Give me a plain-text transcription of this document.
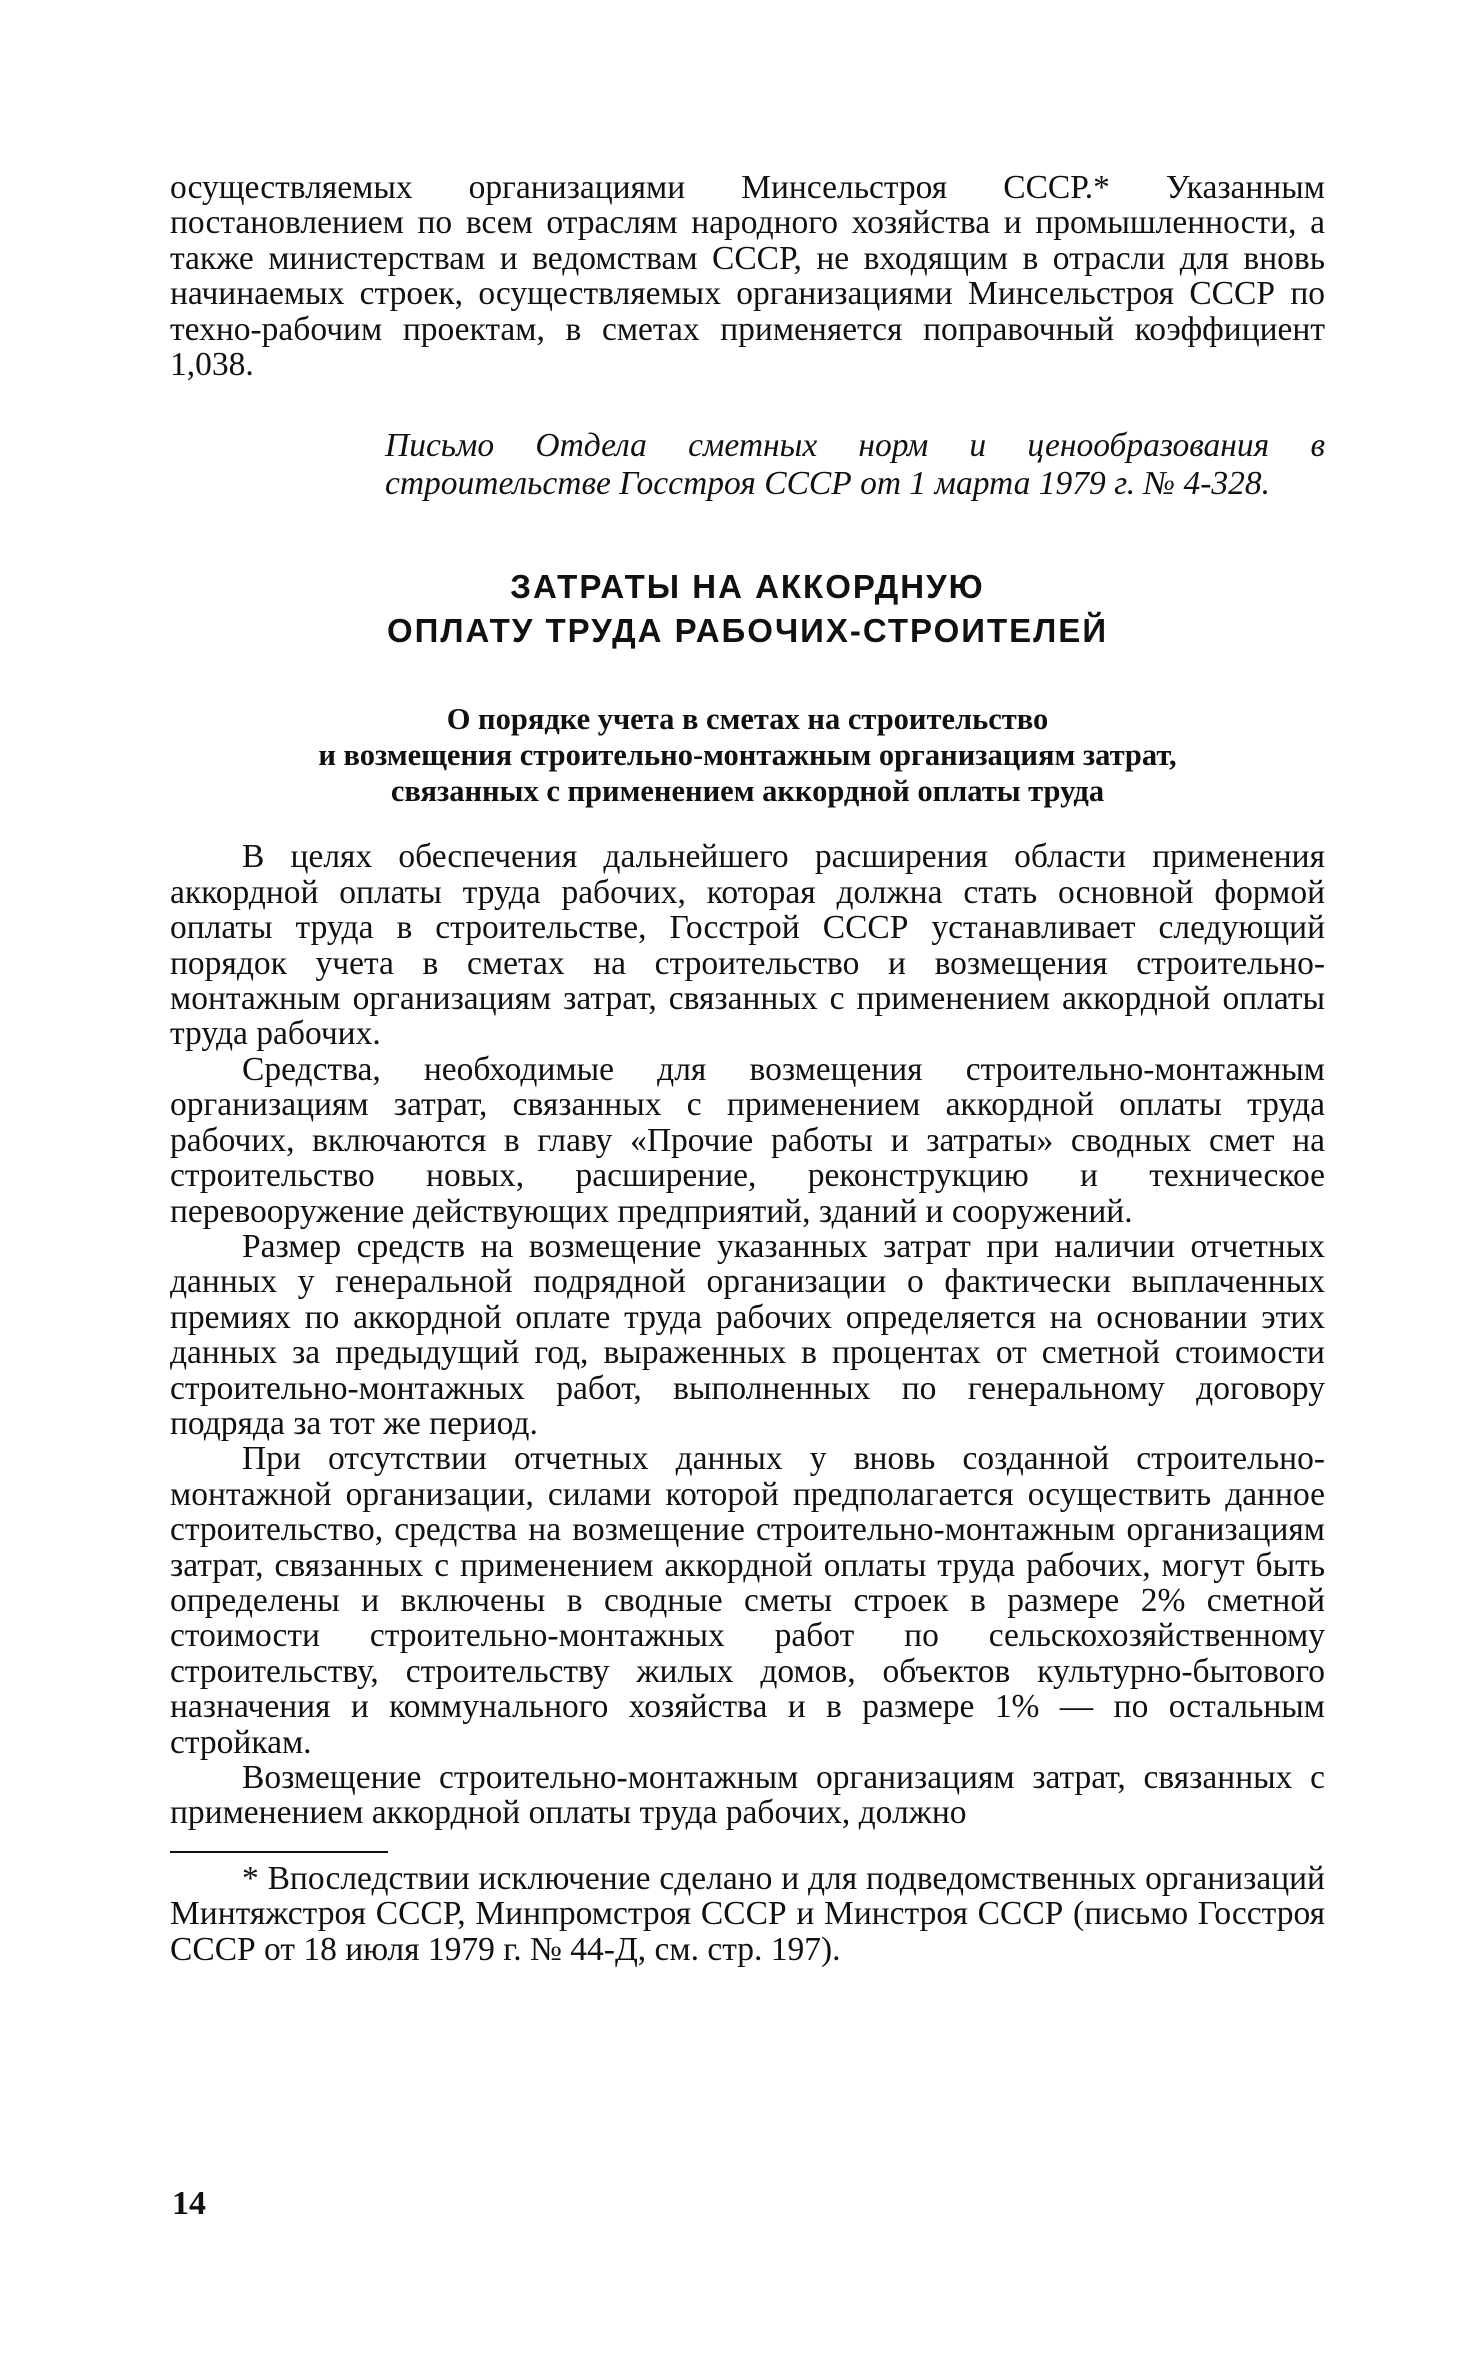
осуществляемых организациями Минсельстроя СССР.* Указанным постановлением по всем отраслям народного хозяйства и промышленности, а также министерствам и ведомствам СССР, не входящим в отрасли для вновь начинаемых строек, осуществляемых организациями Минсельстроя СССР по техно-рабочим проектам, в сметах применяется поправочный коэффициент 1,038.

Письмо Отдела сметных норм и ценообразования в строительстве Госстроя СССР от 1 марта 1979 г. № 4-328.

ЗАТРАТЫ НА АККОРДНУЮ
ОПЛАТУ ТРУДА РАБОЧИХ-СТРОИТЕЛЕЙ
О порядке учета в сметах на строительство
и возмещения строительно-монтажным организациям затрат,
связанных с применением аккордной оплаты труда

В целях обеспечения дальнейшего расширения области применения аккордной оплаты труда рабочих, которая должна стать основной формой оплаты труда в строительстве, Госстрой СССР устанавливает следующий порядок учета в сметах на строительство и возмещения строительно-монтажным организациям затрат, связанных с применением аккордной оплаты труда рабочих.

Средства, необходимые для возмещения строительно-монтажным организациям затрат, связанных с применением аккордной оплаты труда рабочих, включаются в главу «Прочие работы и затраты» сводных смет на строительство новых, расширение, реконструкцию и техническое перевооружение действующих предприятий, зданий и сооружений.

Размер средств на возмещение указанных затрат при наличии отчетных данных у генеральной подрядной организации о фактически выплаченных премиях по аккордной оплате труда рабочих определяется на основании этих данных за предыдущий год, выраженных в процентах от сметной стоимости строительно-монтажных работ, выполненных по генеральному договору подряда за тот же период.

При отсутствии отчетных данных у вновь созданной строительно-монтажной организации, силами которой предполагается осуществить данное строительство, средства на возмещение строительно-монтажным организациям затрат, связанных с применением аккордной оплаты труда рабочих, могут быть определены и включены в сводные сметы строек в размере 2% сметной стоимости строительно-монтажных работ по сельскохозяйственному строительству, строительству жилых домов, объектов культурно-бытового назначения и коммунального хозяйства и в размере 1% — по остальным стройкам.

Возмещение строительно-монтажным организациям затрат, связанных с применением аккордной оплаты труда рабочих, должно

* Впоследствии исключение сделано и для подведомственных организаций Минтяжстроя СССР, Минпромстроя СССР и Минстроя СССР (письмо Госстроя СССР от 18 июля 1979 г. № 44-Д, см. стр. 197).

14
